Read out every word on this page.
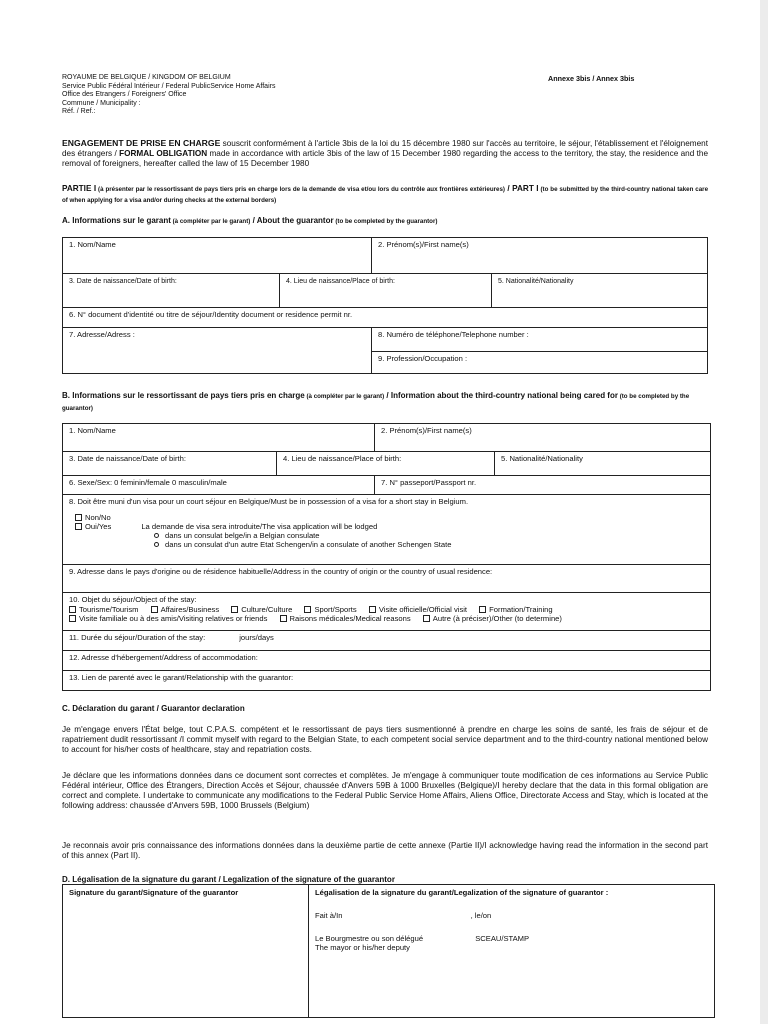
ROYAUME DE BELGIQUE / KINGDOM OF BELGIUM
Service Public Fédéral Intérieur / Federal PublicService Home Affairs
Office des Etrangers / Foreigners' Office
Commune / Municipality :
Réf. / Ref.:
Annexe 3bis / Annex 3bis
ENGAGEMENT DE PRISE EN CHARGE souscrit conformément à l'article 3bis de la loi du 15 décembre 1980 sur l'accès au territoire, le séjour, l'établissement et l'éloignement des étrangers / FORMAL OBLIGATION made in accordance with article 3bis of the law of 15 December 1980 regarding the access to the territory, the stay, the residence and the removal of foreigners, hereafter called the law of 15 December 1980
PARTIE I (à présenter par le ressortissant de pays tiers pris en charge lors de la demande de visa et/ou lors du contrôle aux frontières extérieures) / PART I (to be submitted by the third-country national taken care of when applying for a visa and/or during checks at the external borders)
A. Informations sur le garant (à compléter par le garant) / About the guarantor (to be completed by the guarantor)
1. Nom/Name		2. Prénom(s)/First name(s)	
3. Date de naissance/Date of birth:	4. Lieu de naissance/Place of birth:		5. Nationalité/Nationality
6. N° document d'identité ou titre de séjour/Identity document or residence permit nr.			
7. Adresse/Adress :		8. Numéro de téléphone/Telephone number :	
		9. Profession/Occupation :	
B. Informations sur le ressortissant de pays tiers pris en charge (à compléter par le garant) / Information about the third-country national being cared for (to be completed by the guarantor)
1. Nom/Name		2. Prénom(s)/First name(s)	
3. Date de naissance/Date of birth:	4. Lieu de naissance/Place of birth:		5. Nationalité/Nationality
6. Sexe/Sex: 0 feminin/female 0 masculin/male		7. N° passeport/Passport nr.	

8. Doit être muni d'un visa pour un court séjour en Belgique/Must be in possession of a visa for a short stay in Belgium.
Non/No
Oui/Yes La demande de visa sera introduite/The visa application will be lodged
dans un consulat belge/in a Belgian consulate
dans un consulat d'un autre Etat Schengen/in a consulate of another Schengen State			

9. Adresse dans le pays d'origine ou de résidence habituelle/Address in the country of origin or the country of usual residence:			

10. Objet du séjour/Object of the stay:
Tourisme/Tourism Affaires/Business Culture/Culture Sport/Sports Visite officielle/Official visit Formation/Training
Visite familiale ou à des amis/Visiting relatives or friends Raisons médicales/Medical reasons Autre (à préciser)/Other (to determine)			

11. Durée du séjour/Duration of the stay: jours/days			
12. Adresse d'hébergement/Address of accommodation:			
13. Lien de parenté avec le garant/Relationship with the guarantor:			
C. Déclaration du garant / Guarantor declaration
Je m'engage envers l'État belge, tout C.P.A.S. compétent et le ressortissant de pays tiers susmentionné à prendre en charge les soins de santé, les frais de séjour et de rapatriement dudit ressortissant /I commit myself with regard to the Belgian State, to each competent social service department and to the third-country national mentioned below to account for his/her costs of healthcare, stay and repatriation costs.
Je déclare que les informations données dans ce document sont correctes et complètes. Je m'engage à communiquer toute modification de ces informations au Service Public Fédéral intérieur, Office des Étrangers, Direction Accès et Séjour, chaussée d'Anvers 59B à 1000 Bruxelles (Belgique)/I hereby declare that the data in this formal obligation are correct and complete. I undertake to communicate any modifications to the Federal Public Service Home Affairs, Aliens Office, Directorate Access and Stay, which is located at the following address: chaussée d'Anvers 59B, 1000 Brussels (Belgium)
Je reconnais avoir pris connaissance des informations données dans la deuxième partie de cette annexe (Partie II)/I acknowledge having read the information in the second part of this annex (Part II).
D. Légalisation de la signature du garant / Legalization of the signature of the guarantor
Signature du garant/Signature of the guarantor	Légalisation de la signature du garant/Legalization of the signature of guarantor :
Fait à/In	, le/on
Le Bourgmestre ou son délégué	SCEAU/STAMP
The mayor or his/her deputy
